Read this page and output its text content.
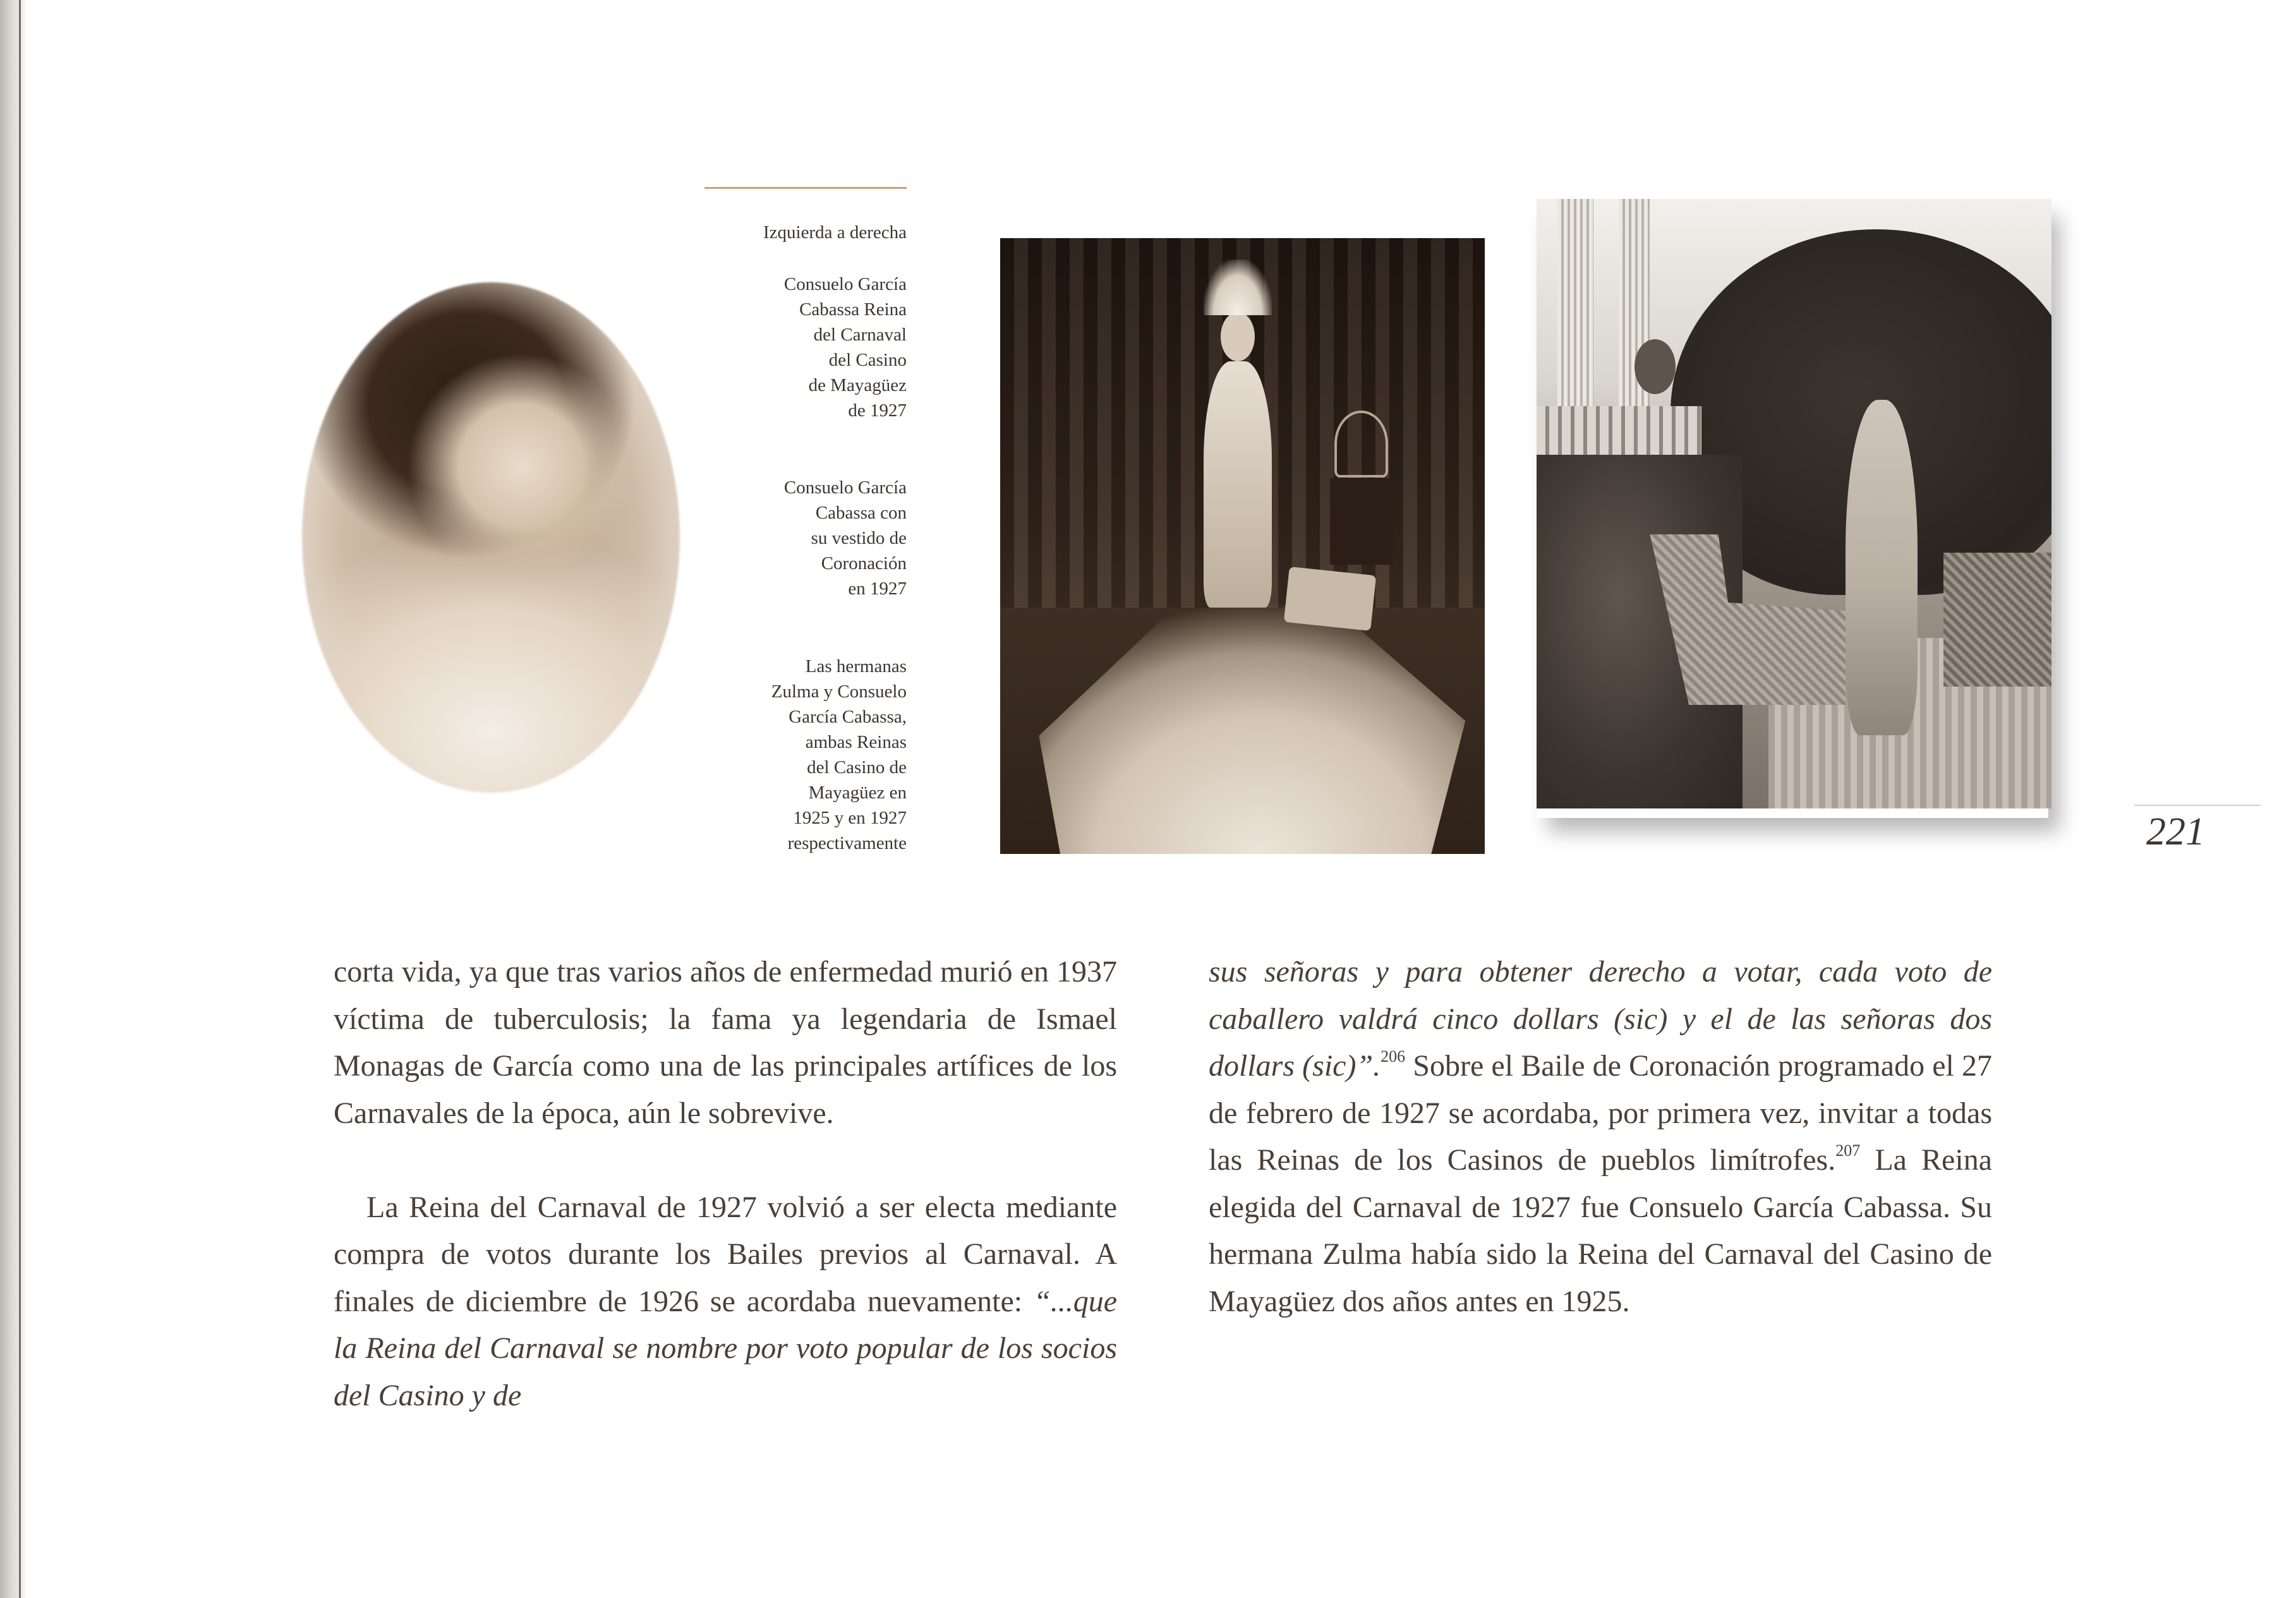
Izquierda a derecha
Consuelo García
Cabassa Reina
del Carnaval
del Casino
de Mayagüez
de 1927
Consuelo García
Cabassa con
su vestido de
Coronación
en 1927
Las hermanas
Zulma y Consuelo
García Cabassa,
ambas Reinas
del Casino de
Mayagüez en
1925 y en 1927
respectivamente	221

corta vida, ya que tras varios años de enfermedad murió en 1937 víctima de tuberculosis; la fama ya legendaria de Ismael Monagas de García como una de las principales artífices de los Carnavales de la época, aún le sobrevive.

La Reina del Carnaval de 1927 volvió a ser electa mediante compra de votos durante los Bailes previos al Carnaval. A finales de diciembre de 1926 se acordaba nuevamente: “...que la Reina del Carnaval se nombre por voto popular de los socios del Casino y de

sus señoras y para obtener derecho a votar, cada voto de caballero valdrá cinco dollars (sic) y el de las señoras dos dollars (sic)”.$^{206}$ Sobre el Baile de Coronación programado el 27 de febrero de 1927 se acordaba, por primera vez, invitar a todas las Reinas de los Casinos de pueblos limítrofes.$^{207}$ La Reina elegida del Carnaval de 1927 fue Consuelo García Cabassa. Su hermana Zulma había sido la Reina del Carnaval del Casino de Mayagüez dos años antes en 1925.
